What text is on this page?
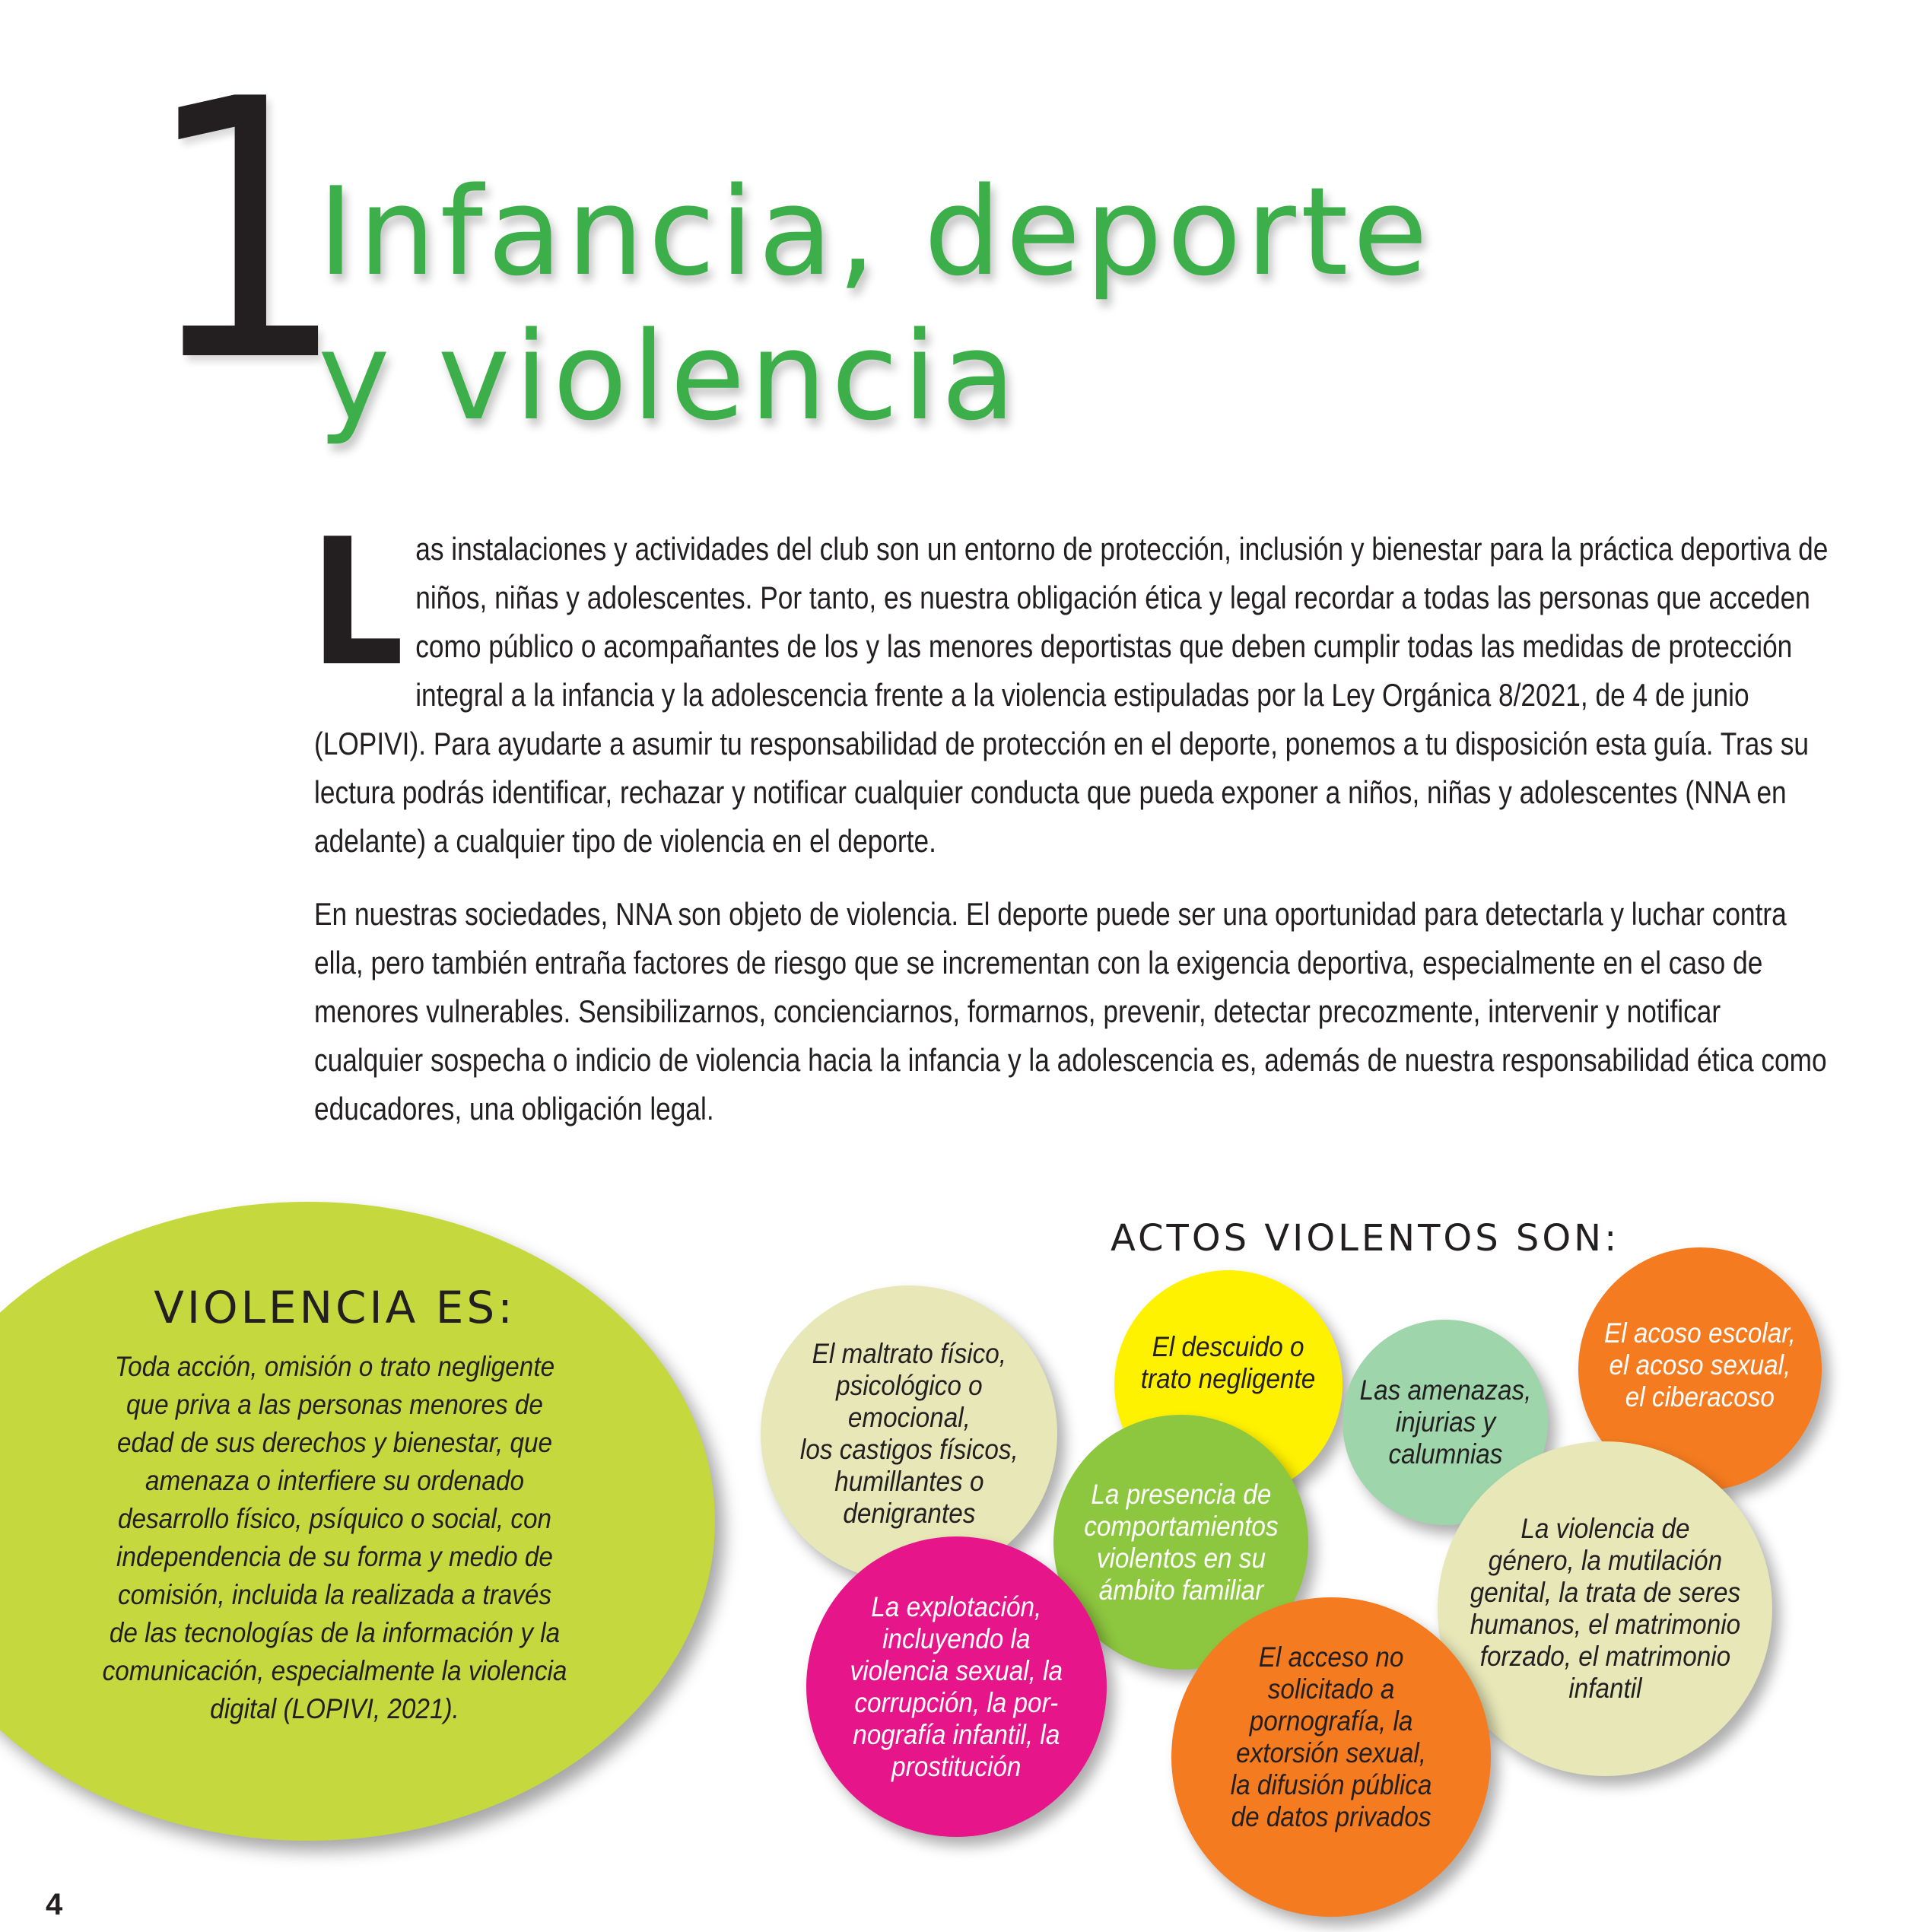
1
Infancia, deporte
y violencia

Las instalaciones y actividades del club son un entorno de protección, inclusión y bienestar para la práctica deportiva de niños, niñas y adolescentes. Por tanto, es nuestra obligación ética y legal recordar a todas las personas que acceden como público o acompañantes de los y las menores deportistas que deben cumplir todas las medidas de protección integral a la infancia y la adolescencia frente a la violencia estipuladas por la Ley Orgánica 8/2021, de 4 de junio (LOPIVI). Para ayudarte a asumir tu responsabilidad de protección en el deporte, ponemos a tu disposición esta guía. Tras su lectura podrás identificar, rechazar y notificar cualquier conducta que pueda exponer a niños, niñas y adolescentes (NNA en adelante) a cualquier tipo de violencia en el deporte.

En nuestras sociedades, NNA son objeto de violencia. El deporte puede ser una oportunidad para detectarla y luchar contra ella, pero también entraña factores de riesgo que se incrementan con la exigencia deportiva, especialmente en el caso de menores vulnerables. Sensibilizarnos, concienciarnos, formarnos, prevenir, detectar precozmente, intervenir y notificar cualquier sospecha o indicio de violencia hacia la infancia y la adolescencia es, además de nuestra responsabilidad ética como educadores, una obligación legal.

VIOLENCIA ES:
Toda acción, omisión o trato negligente que priva a las personas menores de edad de sus derechos y bienestar, que amenaza o interfiere su ordenado desarrollo físico, psíquico o social, con independencia de su forma y medio de comisión, incluida la realizada a través de las tecnologías de la información y la comunicación, especialmente la violencia digital (LOPIVI, 2021).
ACTOS VIOLENTOS SON:
El maltrato físico,
psicológico o
emocional,
los castigos físicos,
humillantes o
denigrantes
El descuido o
trato negligente Las amenazas,
injurias y
calumnias
El acoso escolar,
el acoso sexual,
el ciberacoso
La presencia de
comportamientos
violentos en su
ámbito familiar
La violencia de
género, la mutilación
genital, la trata de seres
humanos, el matrimonio
forzado, el matrimonio
infantil
La explotación,
incluyendo la
violencia sexual, la
corrupción, la por-
nografía infantil, la
prostitución
El acceso no
solicitado a
pornografía, la
extorsión sexual,
la difusión pública
de datos privados
4
